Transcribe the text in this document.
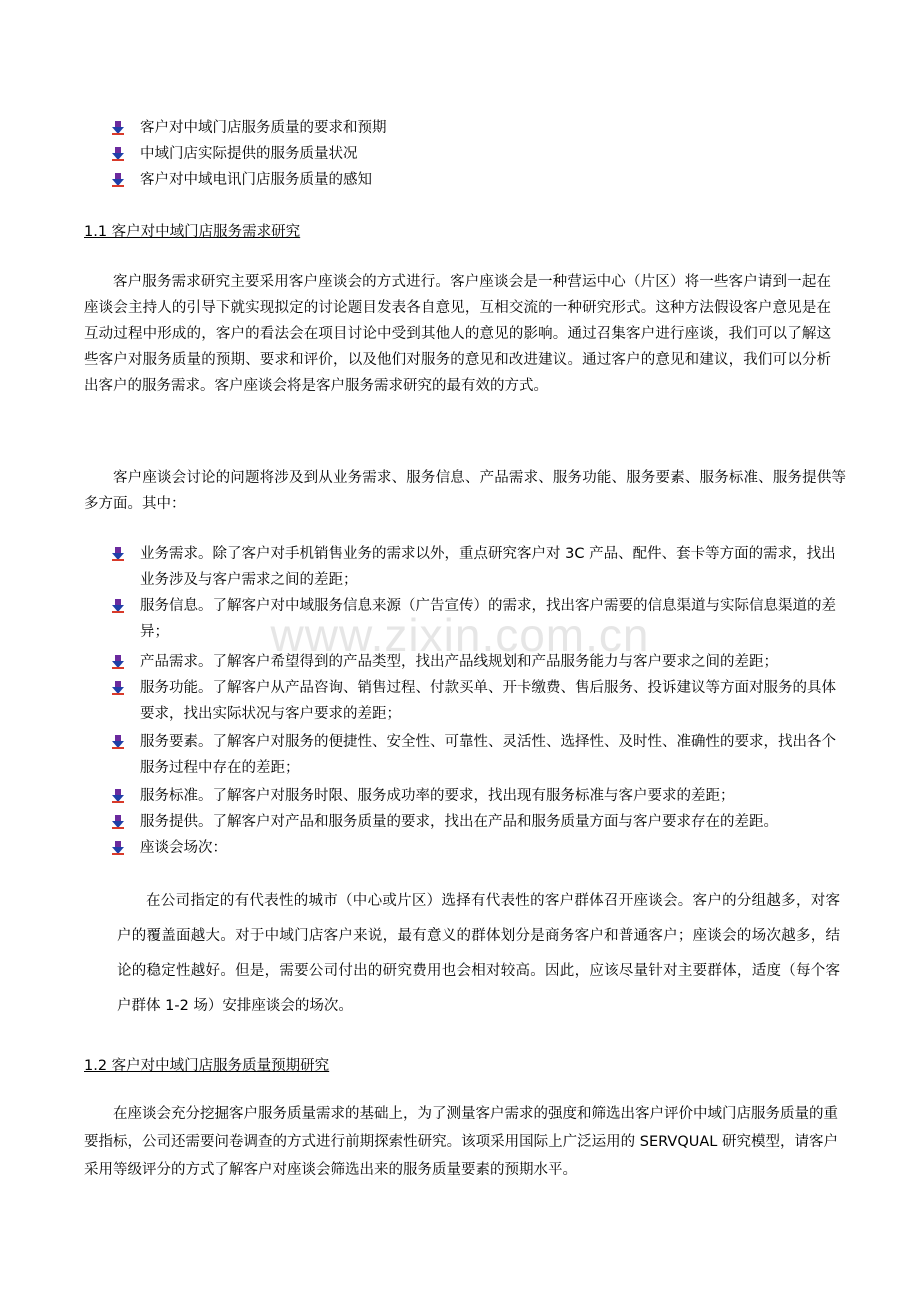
www.zixin.com.cn
客户对中域门店服务质量的要求和预期
中域门店实际提供的服务质量状况
客户对中域电讯门店服务质量的感知
1.1 客户对中域门店服务需求研究
客户服务需求研究主要采用客户座谈会的方式进行。客户座谈会是一种营运中心（片区）将一些客户请到一起在座谈会主持人的引导下就实现拟定的讨论题目发表各自意见，互相交流的一种研究形式。这种方法假设客户意见是在互动过程中形成的，客户的看法会在项目讨论中受到其他人的意见的影响。通过召集客户进行座谈，我们可以了解这些客户对服务质量的预期、要求和评价，以及他们对服务的意见和改进建议。通过客户的意见和建议，我们可以分析出客户的服务需求。客户座谈会将是客户服务需求研究的最有效的方式。
客户座谈会讨论的问题将涉及到从业务需求、服务信息、产品需求、服务功能、服务要素、服务标准、服务提供等多方面。其中：
业务需求。除了客户对手机销售业务的需求以外，重点研究客户对 3C 产品、配件、套卡等方面的需求，找出业务涉及与客户需求之间的差距；
服务信息。了解客户对中域服务信息来源（广告宣传）的需求，找出客户需要的信息渠道与实际信息渠道的差异；
产品需求。了解客户希望得到的产品类型，找出产品线规划和产品服务能力与客户要求之间的差距；
服务功能。了解客户从产品咨询、销售过程、付款买单、开卡缴费、售后服务、投诉建议等方面对服务的具体要求，找出实际状况与客户要求的差距；
服务要素。了解客户对服务的便捷性、安全性、可靠性、灵活性、选择性、及时性、准确性的要求，找出各个服务过程中存在的差距；
服务标准。了解客户对服务时限、服务成功率的要求，找出现有服务标准与客户要求的差距；
服务提供。了解客户对产品和服务质量的要求，找出在产品和服务质量方面与客户要求存在的差距。
座谈会场次：
在公司指定的有代表性的城市（中心或片区）选择有代表性的客户群体召开座谈会。客户的分组越多，对客户的覆盖面越大。对于中域门店客户来说，最有意义的群体划分是商务客户和普通客户；座谈会的场次越多，结论的稳定性越好。但是，需要公司付出的研究费用也会相对较高。因此，应该尽量针对主要群体，适度（每个客户群体 1-2 场）安排座谈会的场次。
1.2 客户对中域门店服务质量预期研究
在座谈会充分挖掘客户服务质量需求的基础上，为了测量客户需求的强度和筛选出客户评价中域门店服务质量的重要指标，公司还需要问卷调查的方式进行前期探索性研究。该项采用国际上广泛运用的 SERVQUAL 研究模型，请客户采用等级评分的方式了解客户对座谈会筛选出来的服务质量要素的预期水平。
